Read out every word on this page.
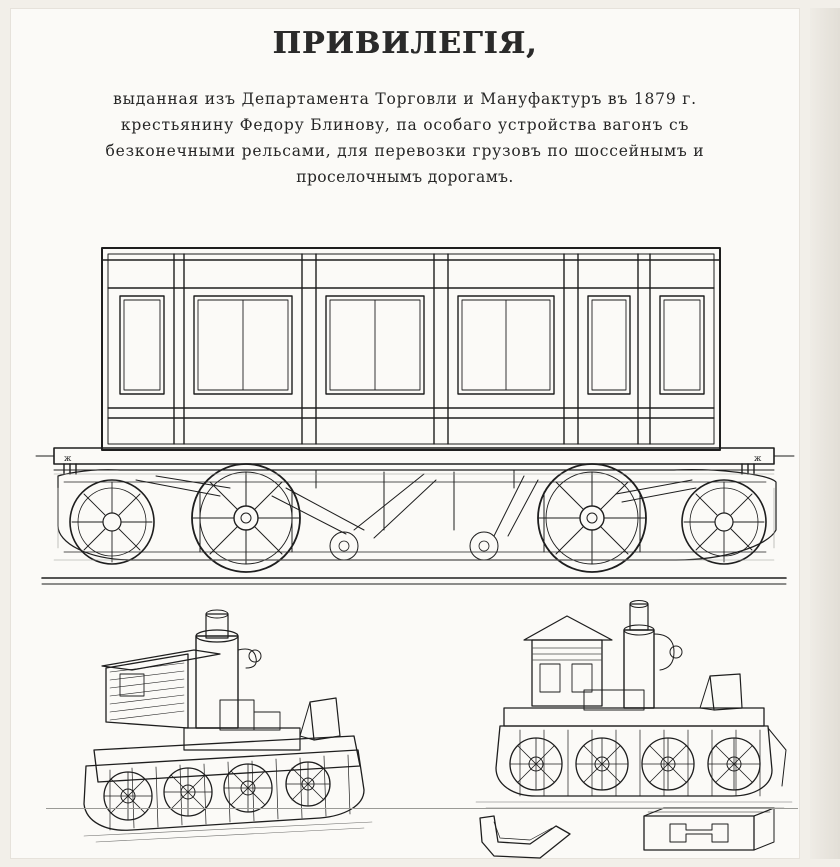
ПРИВИЛЕГІЯ,
выданная изъ Департамента Торговли и Мануфактуръ въ 1879 г.
крестьянину Федору Блинову, па особаго устройства вагонъ съ
безконечными рельсами, для перевозки грузовъ по шоссейнымъ и
проселочнымъ дорогамъ.
ж	ж
